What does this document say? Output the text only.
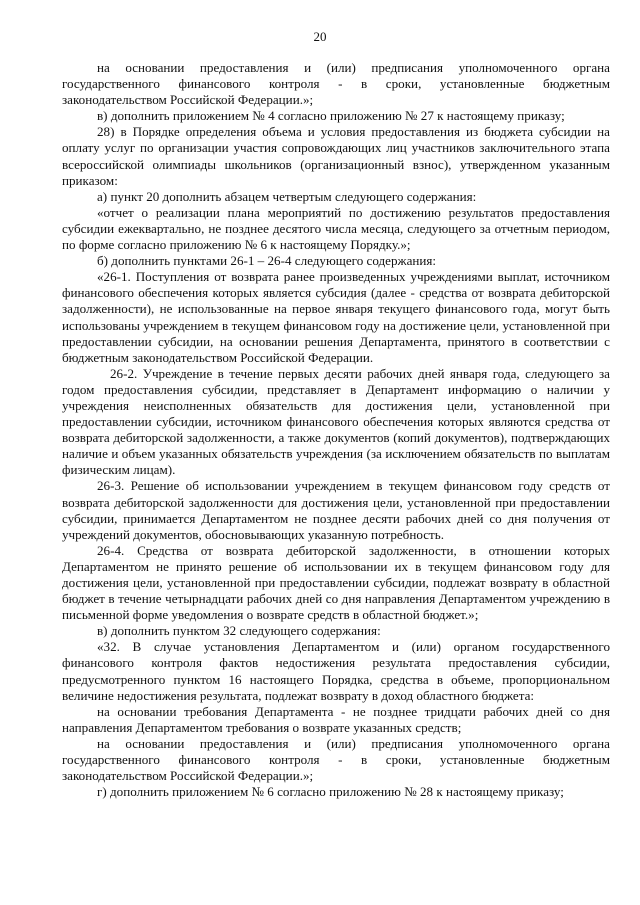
20

на основании предоставления и (или) предписания уполномоченного органа государственного финансового контроля - в сроки, установленные бюджетным законодательством Российской Федерации.»;

в) дополнить приложением № 4 согласно приложению № 27 к настоящему приказу;

28) в Порядке определения объема и условия предоставления из бюджета субсидии на оплату услуг по организации участия сопровождающих лиц участников заключительного этапа всероссийской олимпиады школьников (организационный взнос), утвержденном указанным приказом:

а) пункт 20 дополнить абзацем четвертым следующего содержания:

«отчет о реализации плана мероприятий по достижению результатов предоставления субсидии ежеквартально, не позднее десятого числа месяца, следующего за отчетным периодом, по форме согласно приложению № 6 к настоящему Порядку.»;

б) дополнить пунктами 26-1 – 26-4 следующего содержания:

«26-1. Поступления от возврата ранее произведенных учреждениями выплат, источником финансового обеспечения которых является субсидия (далее - средства от возврата дебиторской задолженности), не использованные на первое января текущего финансового года, могут быть использованы учреждением в текущем финансовом году на достижение цели, установленной при предоставлении субсидии, на основании решения Департамента, принятого в соответствии с бюджетным законодательством Российской Федерации.

26-2. Учреждение в течение первых десяти рабочих дней января года, следующего за годом предоставления субсидии, представляет в Департамент информацию о наличии у учреждения неисполненных обязательств для достижения цели, установленной при предоставлении субсидии, источником финансового обеспечения которых являются средства от возврата дебиторской задолженности, а также документов (копий документов), подтверждающих наличие и объем указанных обязательств учреждения (за исключением обязательств по выплатам физическим лицам).

26-3. Решение об использовании учреждением в текущем финансовом году средств от возврата дебиторской задолженности для достижения цели, установленной при предоставлении субсидии, принимается Департаментом не позднее десяти рабочих дней со дня получения от учреждений документов, обосновывающих указанную потребность.

26-4. Средства от возврата дебиторской задолженности, в отношении которых Департаментом не принято решение об использовании их в текущем финансовом году для достижения цели, установленной при предоставлении субсидии, подлежат возврату в областной бюджет в течение четырнадцати рабочих дней со дня направления Департаментом учреждению в письменной форме уведомления о возврате средств в областной бюджет.»;

в) дополнить пунктом 32 следующего содержания:

«32. В случае установления Департаментом и (или) органом государственного финансового контроля фактов недостижения результата предоставления субсидии, предусмотренного пунктом 16 настоящего Порядка, средства в объеме, пропорциональном величине недостижения результата, подлежат возврату в доход областного бюджета:

на основании требования Департамента - не позднее тридцати рабочих дней со дня направления Департаментом требования о возврате указанных средств;

на основании предоставления и (или) предписания уполномоченного органа государственного финансового контроля - в сроки, установленные бюджетным законодательством Российской Федерации.»;

г) дополнить приложением № 6 согласно приложению № 28 к настоящему приказу;
